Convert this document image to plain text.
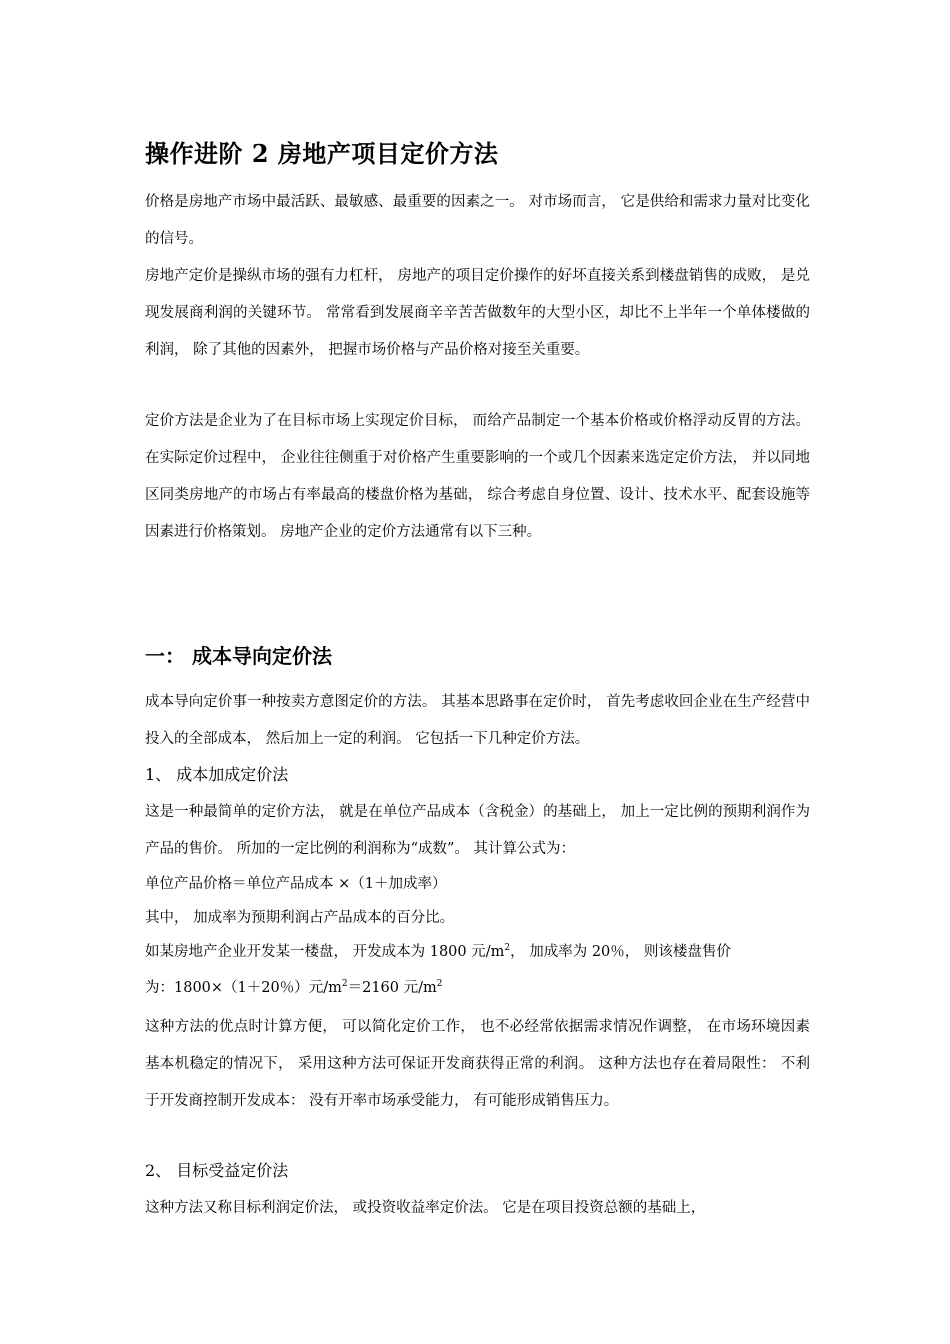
操作进阶 2 房地产项目定价方法
价格是房地产市场中最活跃、最敏感、最重要的因素之一。 对市场而言， 它是供给和需求力量对比变化的信号。
房地产定价是操纵市场的强有力杠杆， 房地产的项目定价操作的好坏直接关系到楼盘销售的成败， 是兑现发展商利润的关键环节。 常常看到发展商辛辛苦苦做数年的大型小区，却比不上半年一个单体楼做的利润， 除了其他的因素外， 把握市场价格与产品价格对接至关重要。
定价方法是企业为了在目标市场上实现定价目标， 而给产品制定一个基本价格或价格浮动反胃的方法。 在实际定价过程中， 企业往往侧重于对价格产生重要影响的一个或几个因素来选定定价方法， 并以同地区同类房地产的市场占有率最高的楼盘价格为基础， 综合考虑自身位置、设计、技术水平、配套设施等因素进行价格策划。 房地产企业的定价方法通常有以下三种。
一： 成本导向定价法
成本导向定价事一种按卖方意图定价的方法。 其基本思路事在定价时， 首先考虑收回企业在生产经营中投入的全部成本， 然后加上一定的利润。 它包括一下几种定价方法。
1、 成本加成定价法
这是一种最简单的定价方法， 就是在单位产品成本（含税金）的基础上， 加上一定比例的预期利润作为产品的售价。 所加的一定比例的利润称为“成数”。 其计算公式为：
单位产品价格＝单位产品成本 ×（1＋加成率）
其中， 加成率为预期利润占产品成本的百分比。
如某房地产企业开发某一楼盘， 开发成本为 1800 元$/m^2$， 加成率为 20％， 则该楼盘售价
为：1800×（1＋20％）元$/m^2=2160$ 元$/m^2$
这种方法的优点时计算方便， 可以简化定价工作， 也不必经常依据需求情况作调整， 在市场环境因素基本机稳定的情况下， 采用这种方法可保证开发商获得正常的利润。 这种方法也存在着局限性： 不利于开发商控制开发成本： 没有开率市场承受能力， 有可能形成销售压力。
2、 目标受益定价法
这种方法又称目标利润定价法， 或投资收益率定价法。 它是在项目投资总额的基础上，
